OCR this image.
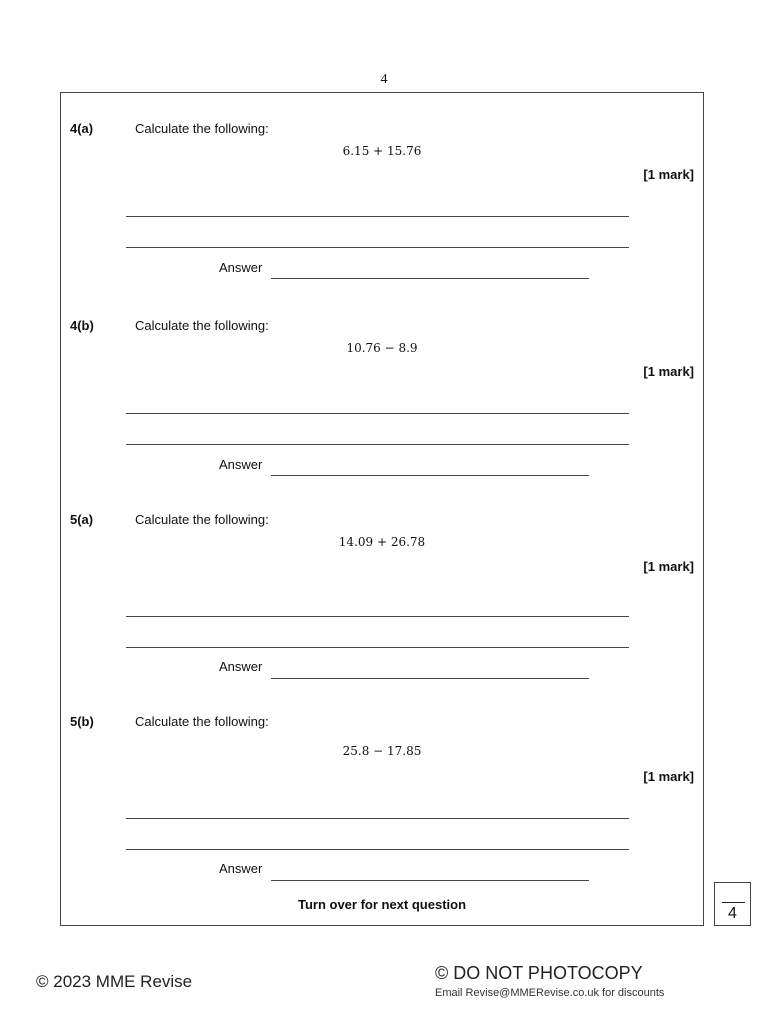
4
4(a)	Calculate the following:
6.15 + 15.76
[1 mark]
Answer
4(b)	Calculate the following:
10.76 − 8.9
[1 mark]
Answer
5(a)	Calculate the following:
14.09 + 26.78
[1 mark]
Answer
5(b)	Calculate the following:
25.8 − 17.85
[1 mark]
Answer
Turn over for next question
4
© 2023 MME Revise	© DO NOT PHOTOCOPY
Email Revise@MMERevise.co.uk for discounts
